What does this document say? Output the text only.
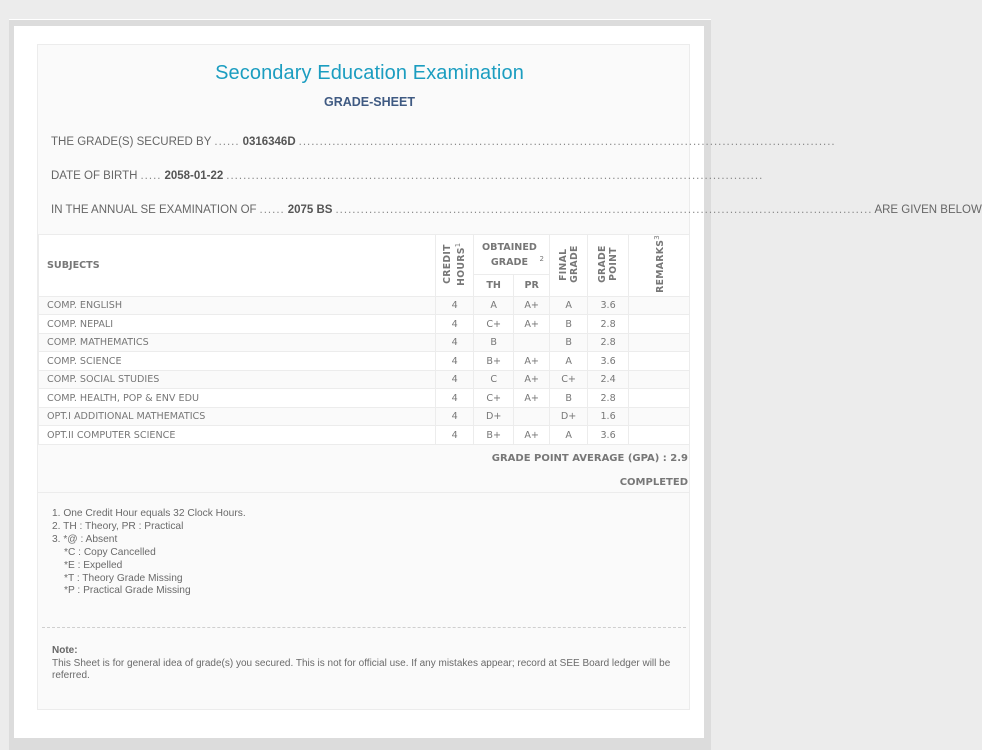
Secondary Education Examination
GRADE-SHEET
THE GRADE(S) SECURED BY ...... 0316346D ................................................................................................................................
DATE OF BIRTH ..... 2058-01-22 ................................................................................................................................
IN THE ANNUAL SE EXAMINATION OF ...... 2075 BS ................................................................................................................................ ARE GIVEN BELOW
SUBJECTS	CREDIT HOURS$^1$	OBTAINED GRADE $^2$		FINAL GRADE	GRADE POINT	REMARKS$^3$
		TH	PR			
COMP. ENGLISH	4	A	A+	A	3.6	
COMP. NEPALI	4	C+	A+	B	2.8	
COMP. MATHEMATICS	4	B		B	2.8	
COMP. SCIENCE	4	B+	A+	A	3.6	
COMP. SOCIAL STUDIES	4	C	A+	C+	2.4	
COMP. HEALTH, POP & ENV EDU	4	C+	A+	B	2.8	
OPT.I ADDITIONAL MATHEMATICS	4	D+		D+	1.6	
OPT.II COMPUTER SCIENCE	4	B+	A+	A	3.6	
GRADE POINT AVERAGE (GPA) : 2.9
COMPLETED
1. One Credit Hour equals 32 Clock Hours.
2. TH : Theory, PR : Practical
3. *@ : Absent
*C : Copy Cancelled
*E : Expelled
*T : Theory Grade Missing
*P : Practical Grade Missing
Note:
This Sheet is for general idea of grade(s) you secured. This is not for official use. If any mistakes appear; record at SEE Board ledger will be referred.
